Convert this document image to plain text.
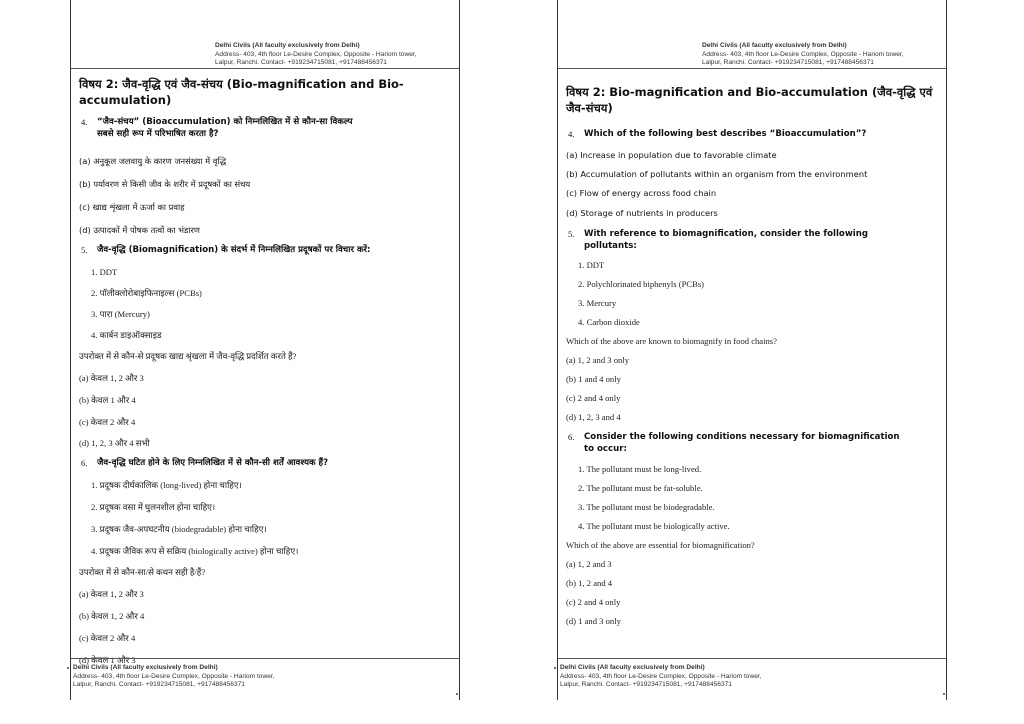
Delhi Civils (All faculty exclusively from Delhi)
Address- 403, 4th floor Le-Desire Complex, Opposite - Hariom tower,
Lalpur, Ranchi. Contact- +919234715081, +917488456371
विषय 2: जैव-वृद्धि एवं जैव-संचय (Bio-magnification and Bio-
accumulation)
4. “जैव-संचय” (Bioaccumulation) को निम्नलिखित में से कौन-सा विकल्प
सबसे सही रूप में परिभाषित करता है?
(a) अनुकूल जलवायु के कारण जनसंख्या में वृद्धि
(b) पर्यावरण से किसी जीव के शरीर में प्रदूषकों का संचय
(c) खाद्य शृंखला में ऊर्जा का प्रवाह
(d) उत्पादकों में पोषक तत्वों का भंडारण
5. जैव-वृद्धि (Biomagnification) के संदर्भ में निम्नलिखित प्रदूषकों पर विचार करें:
1. DDT
2. पॉलीक्लोरोबाइफिनाइल्स (PCBs)
3. पारा (Mercury)
4. कार्बन डाइऑक्साइड
उपरोक्त में से कौन-से प्रदूषक खाद्य श्रृंखला में जैव-वृद्धि प्रदर्शित करते हैं?
(a) केवल 1, 2 और 3
(b) केवल 1 और 4
(c) केवल 2 और 4
(d) 1, 2, 3 और 4 सभी
6. जैव-वृद्धि घटित होने के लिए निम्नलिखित में से कौन-सी शर्तें आवश्यक हैं?
1. प्रदूषक दीर्घकालिक (long-lived) होना चाहिए।
2. प्रदूषक वसा में घुलनशील होना चाहिए।
3. प्रदूषक जैव-अपघटनीय (biodegradable) होना चाहिए।
4. प्रदूषक जैविक रूप से सक्रिय (biologically active) होना चाहिए।
उपरोक्त में से कौन-सा/से कथन सही है/हैं?
(a) केवल 1, 2 और 3
(b) केवल 1, 2 और 4
(c) केवल 2 और 4
(d) केवल 1 और 3
Delhi Civils (All faculty exclusively from Delhi)
Address- 403, 4th floor Le-Desire Complex, Opposite - Hariom tower,
Lalpur, Ranchi. Contact- +919234715081, +917488456371
Delhi Civils (All faculty exclusively from Delhi)
Address- 403, 4th floor Le-Desire Complex, Opposite - Hariom tower,
Lalpur, Ranchi. Contact- +919234715081, +917488456371
विषय 2: Bio-magnification and Bio-accumulation (जैव-वृद्धि एवं
जैव-संचय)
4. Which of the following best describes “Bioaccumulation”?
(a) Increase in population due to favorable climate
(b) Accumulation of pollutants within an organism from the environment
(c) Flow of energy across food chain
(d) Storage of nutrients in producers
5. With reference to biomagnification, consider the following
pollutants:
1. DDT
2. Polychlorinated biphenyls (PCBs)
3. Mercury
4. Carbon dioxide
Which of the above are known to biomagnify in food chains?
(a) 1, 2 and 3 only
(b) 1 and 4 only
(c) 2 and 4 only
(d) 1, 2, 3 and 4
6. Consider the following conditions necessary for biomagnification
to occur:
1. The pollutant must be long-lived.
2. The pollutant must be fat-soluble.
3. The pollutant must be biodegradable.
4. The pollutant must be biologically active.
Which of the above are essential for biomagnification?
(a) 1, 2 and 3
(b) 1, 2 and 4
(c) 2 and 4 only
(d) 1 and 3 only
Delhi Civils (All faculty exclusively from Delhi)
Address- 403, 4th floor Le-Desire Complex, Opposite - Hariom tower,
Lalpur, Ranchi. Contact- +919234715081, +917488456371
